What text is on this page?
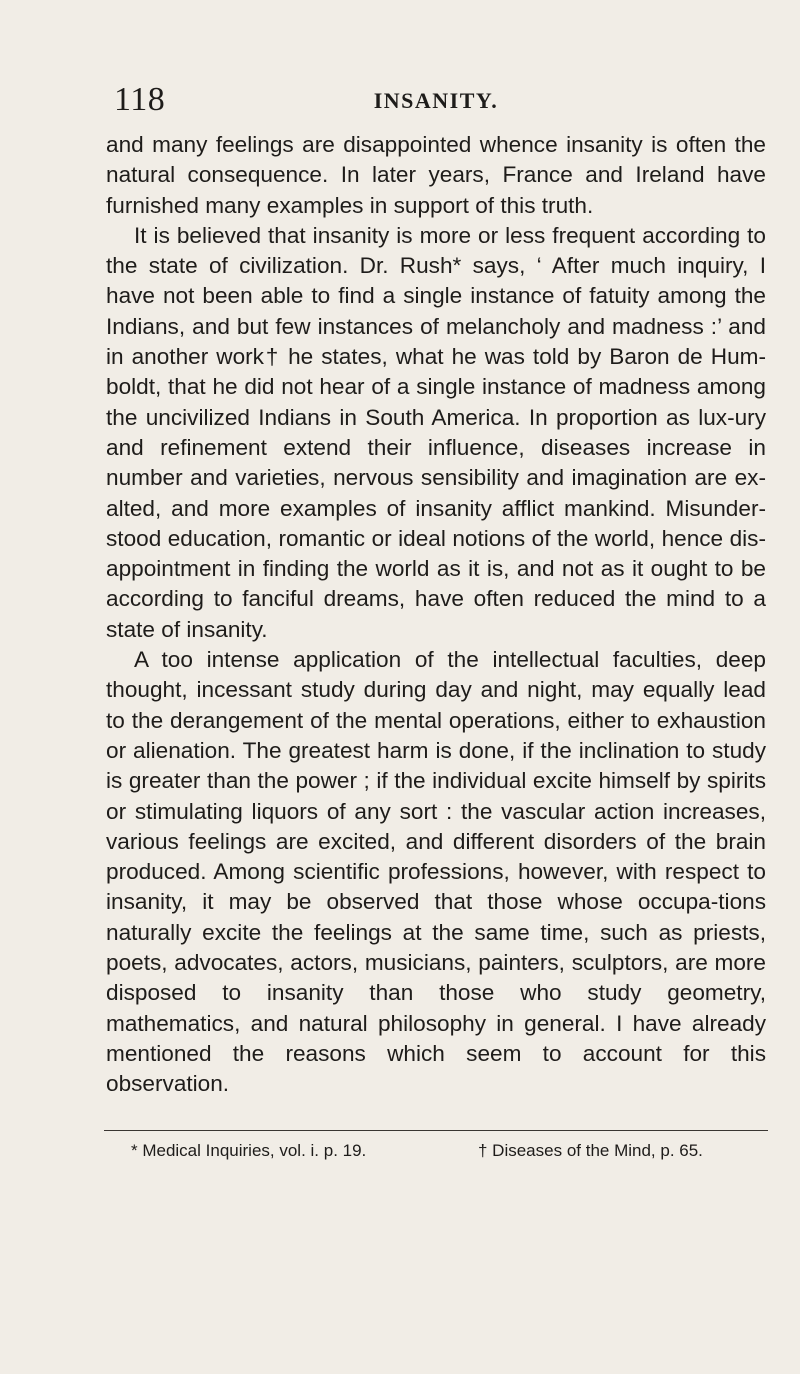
118	INSANITY.

and many feelings are disappointed whence insanity is often the natural consequence. In later years, France and Ireland have furnished many examples in support of this truth.

It is believed that insanity is more or less frequent according to the state of civilization. Dr. Rush* says, ‘ After much inquiry, I have not been able to find a single instance of fatuity among the Indians, and but few instances of melancholy and madness :’ and in another work† he states, what he was told by Baron de Hum-boldt, that he did not hear of a single instance of madness among the uncivilized Indians in South America. In proportion as lux-ury and refinement extend their influence, diseases increase in number and varieties, nervous sensibility and imagination are ex-alted, and more examples of insanity afflict mankind. Misunder-stood education, romantic or ideal notions of the world, hence dis-appointment in finding the world as it is, and not as it ought to be according to fanciful dreams, have often reduced the mind to a state of insanity.

A too intense application of the intellectual faculties, deep thought, incessant study during day and night, may equally lead to the derangement of the mental operations, either to exhaustion or alienation. The greatest harm is done, if the inclination to study is greater than the power ; if the individual excite himself by spirits or stimulating liquors of any sort : the vascular action increases, various feelings are excited, and different disorders of the brain produced. Among scientific professions, however, with respect to insanity, it may be observed that those whose occupa-tions naturally excite the feelings at the same time, such as priests, poets, advocates, actors, musicians, painters, sculptors, are more disposed to insanity than those who study geometry, mathematics, and natural philosophy in general. I have already mentioned the reasons which seem to account for this observation.

* Medical Inquiries, vol. i. p. 19.	† Diseases of the Mind, p. 65.
